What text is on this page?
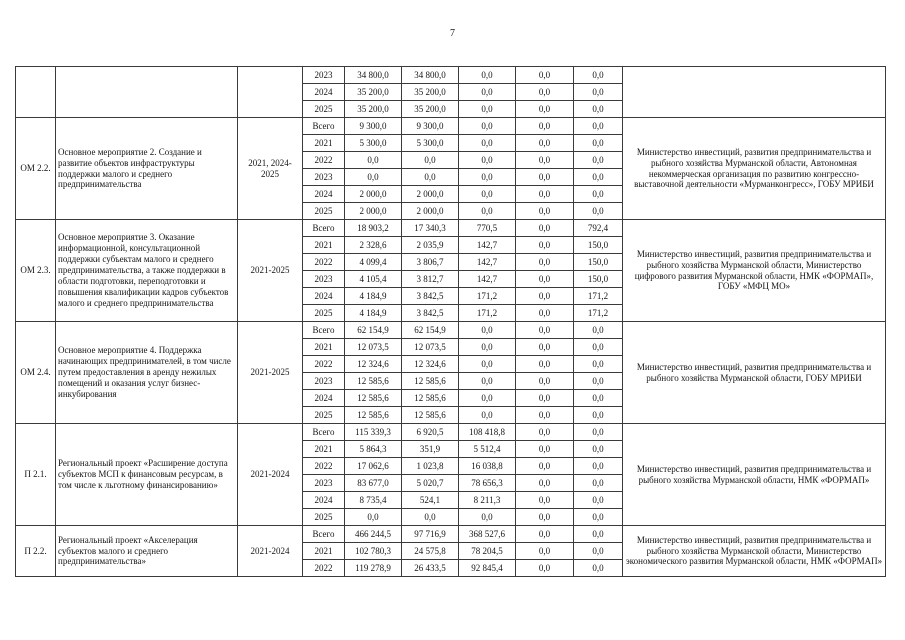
7
			2023	34 800,0	34 800,0	0,0	0,0	0,0	
			2024	35 200,0	35 200,0	0,0	0,0	0,0	
			2025	35 200,0	35 200,0	0,0	0,0	0,0	
ОМ 2.2.	Основное мероприятие 2. Создание и развитие объектов инфраструктуры поддержки малого и среднего предпринимательства	2021, 2024-2025	Всего	9 300,0	9 300,0	0,0	0,0	0,0	Министерство инвестиций, развития предпринимательства и рыбного хозяйства Мурманской области, Автономная некоммерческая организация по развитию конгрессно-выставочной деятельности «Мурманконгресс», ГОБУ МРИБИ
			2021	5 300,0	5 300,0	0,0	0,0	0,0	
			2022	0,0	0,0	0,0	0,0	0,0	
			2023	0,0	0,0	0,0	0,0	0,0	
			2024	2 000,0	2 000,0	0,0	0,0	0,0	
			2025	2 000,0	2 000,0	0,0	0,0	0,0	
ОМ 2.3.	Основное мероприятие 3. Оказание информационной, консультационной поддержки субъектам малого и среднего предпринимательства, а также поддержки в области подготовки, переподготовки и повышения квалификации кадров субъектов малого и среднего предпринимательства	2021-2025	Всего	18 903,2	17 340,3	770,5	0,0	792,4	Министерство инвестиций, развития предпринимательства и рыбного хозяйства Мурманской области, Министерство цифрового развития Мурманской области, НМК «ФОРМАП», ГОБУ «МФЦ МО»
			2021	2 328,6	2 035,9	142,7	0,0	150,0	
			2022	4 099,4	3 806,7	142,7	0,0	150,0	
			2023	4 105,4	3 812,7	142,7	0,0	150,0	
			2024	4 184,9	3 842,5	171,2	0,0	171,2	
			2025	4 184,9	3 842,5	171,2	0,0	171,2	
ОМ 2.4.	Основное мероприятие 4. Поддержка начинающих предпринимателей, в том числе путем предоставления в аренду нежилых помещений и оказания услуг бизнес-инкубирования	2021-2025	Всего	62 154,9	62 154,9	0,0	0,0	0,0	Министерство инвестиций, развития предпринимательства и рыбного хозяйства Мурманской области, ГОБУ МРИБИ
			2021	12 073,5	12 073,5	0,0	0,0	0,0	
			2022	12 324,6	12 324,6	0,0	0,0	0,0	
			2023	12 585,6	12 585,6	0,0	0,0	0,0	
			2024	12 585,6	12 585,6	0,0	0,0	0,0	
			2025	12 585,6	12 585,6	0,0	0,0	0,0	
П 2.1.	Региональный проект «Расширение доступа субъектов МСП к финансовым ресурсам, в том числе к льготному финансированию»	2021-2024	Всего	115 339,3	6 920,5	108 418,8	0,0	0,0	Министерство инвестиций, развития предпринимательства и рыбного хозяйства Мурманской области, НМК «ФОРМАП»
			2021	5 864,3	351,9	5 512,4	0,0	0,0	
			2022	17 062,6	1 023,8	16 038,8	0,0	0,0	
			2023	83 677,0	5 020,7	78 656,3	0,0	0,0	
			2024	8 735,4	524,1	8 211,3	0,0	0,0	
			2025	0,0	0,0	0,0	0,0	0,0	
П 2.2.	Региональный проект «Акселерация субъектов малого и среднего предпринимательства»	2021-2024	Всего	466 244,5	97 716,9	368 527,6	0,0	0,0	Министерство инвестиций, развития предпринимательства и рыбного хозяйства Мурманской области, Министерство экономического развития Мурманской области, НМК «ФОРМАП»
			2021	102 780,3	24 575,8	78 204,5	0,0	0,0	
			2022	119 278,9	26 433,5	92 845,4	0,0	0,0	
